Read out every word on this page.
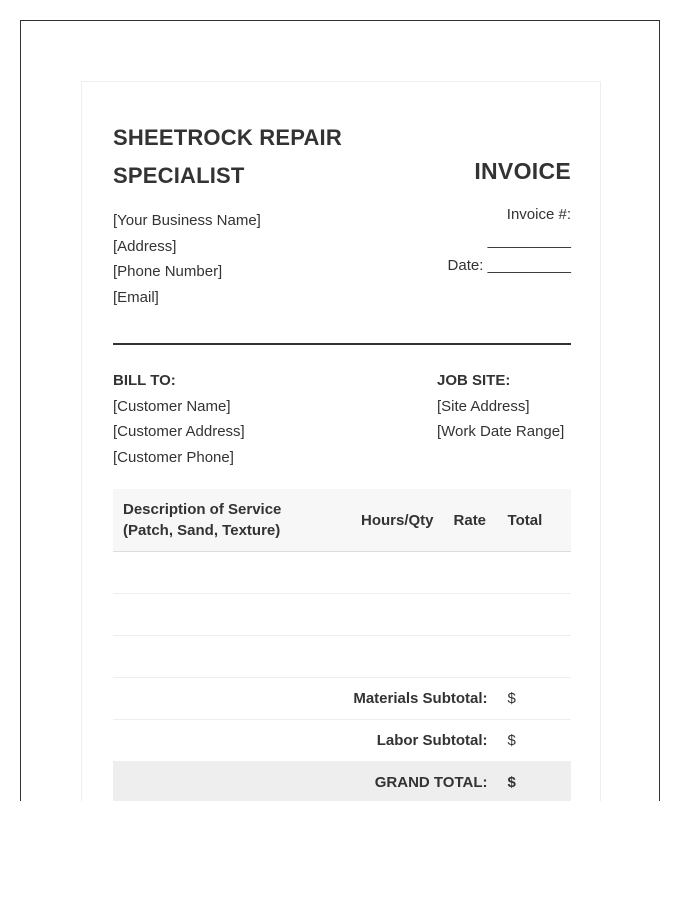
SHEETROCK REPAIR SPECIALIST
[Your Business Name]
[Address]
[Phone Number]
[Email]
INVOICE
Invoice #:
__________
Date: __________
BILL TO:
[Customer Name]
[Customer Address]
[Customer Phone]
JOB SITE:
[Site Address]
[Work Date Range]
Description of Service (Patch, Sand, Texture)	Hours/Qty	Rate	Total

Materials Subtotal:			$
Labor Subtotal:			$
GRAND TOTAL:			$
